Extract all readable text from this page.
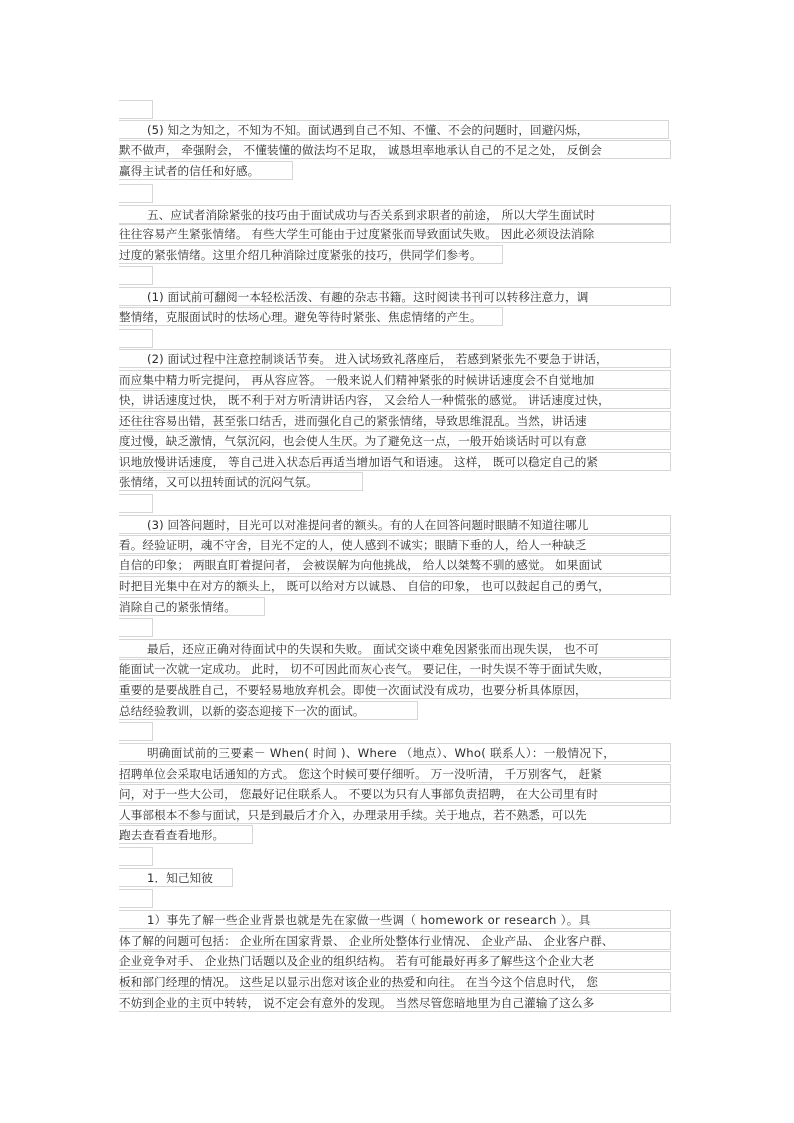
(5) 知之为知之，不知为不知。面试遇到自己不知、不懂、不会的问题时，回避闪烁，
默不做声， 牵强附会， 不懂装懂的做法均不足取， 诚恳坦率地承认自己的不足之处， 反倒会
赢得主试者的信任和好感。
五、应试者消除紧张的技巧由于面试成功与否关系到求职者的前途， 所以大学生面试时
往往容易产生紧张情绪。 有些大学生可能由于过度紧张而导致面试失败。 因此必须设法消除
过度的紧张情绪。这里介绍几种消除过度紧张的技巧，供同学们参考。
(1) 面试前可翻阅一本轻松活泼、有趣的杂志书籍。这时阅读书刊可以转移注意力，调
整情绪，克服面试时的怯场心理。避免等待时紧张、焦虑情绪的产生。
(2) 面试过程中注意控制谈话节奏。 进入试场致礼落座后， 若感到紧张先不要急于讲话，
而应集中精力听完提问， 再从容应答。 一般来说人们精神紧张的时候讲话速度会不自觉地加
快，讲话速度过快， 既不利于对方听清讲话内容， 又会给人一种慌张的感觉。 讲话速度过快，
还往往容易出错，甚至张口结舌，进而强化自己的紧张情绪，导致思维混乱。当然，讲话速
度过慢，缺乏激情，气氛沉闷，也会使人生厌。为了避免这一点，一般开始谈话时可以有意
识地放慢讲话速度， 等自己进入状态后再适当增加语气和语速。 这样， 既可以稳定自己的紧
张情绪，又可以扭转面试的沉闷气氛。
(3) 回答问题时，目光可以对准提问者的额头。有的人在回答问题时眼睛不知道往哪儿
看。经验证明，魂不守舍，目光不定的人，使人感到不诚实；眼睛下垂的人，给人一种缺乏
自信的印象； 两眼直盯着提问者， 会被误解为向他挑战， 给人以桀骜不驯的感觉。 如果面试
时把目光集中在对方的额头上， 既可以给对方以诚恳、 自信的印象， 也可以鼓起自己的勇气，
消除自己的紧张情绪。
最后，还应正确对待面试中的失误和失败。 面试交谈中难免因紧张而出现失误， 也不可
能面试一次就一定成功。 此时， 切不可因此而灰心丧气。 要记住，一时失误不等于面试失败，
重要的是要战胜自己，不要轻易地放弃机会。即使一次面试没有成功，也要分析具体原因，
总结经验教训，以新的姿态迎接下一次的面试。
明确面试前的三要素－ When( 时间 )、Where （地点）、Who( 联系人）：一般情况下，
招聘单位会采取电话通知的方式。 您这个时候可要仔细听。 万一没听清， 千万别客气， 赶紧
问，对于一些大公司， 您最好记住联系人。 不要以为只有人事部负责招聘， 在大公司里有时
人事部根本不参与面试，只是到最后才介入，办理录用手续。关于地点，若不熟悉，可以先
跑去查看查看地形。
1．知己知彼
1）事先了解一些企业背景也就是先在家做一些调（ homework or research ）。具
体了解的问题可包括： 企业所在国家背景、 企业所处整体行业情况、 企业产品、 企业客户群、
企业竞争对手、 企业热门话题以及企业的组织结构。 若有可能最好再多了解些这个企业大老
板和部门经理的情况。 这些足以显示出您对该企业的热爱和向往。 在当今这个信息时代， 您
不妨到企业的主页中转转， 说不定会有意外的发现。 当然尽管您暗地里为自己灌输了这么多
